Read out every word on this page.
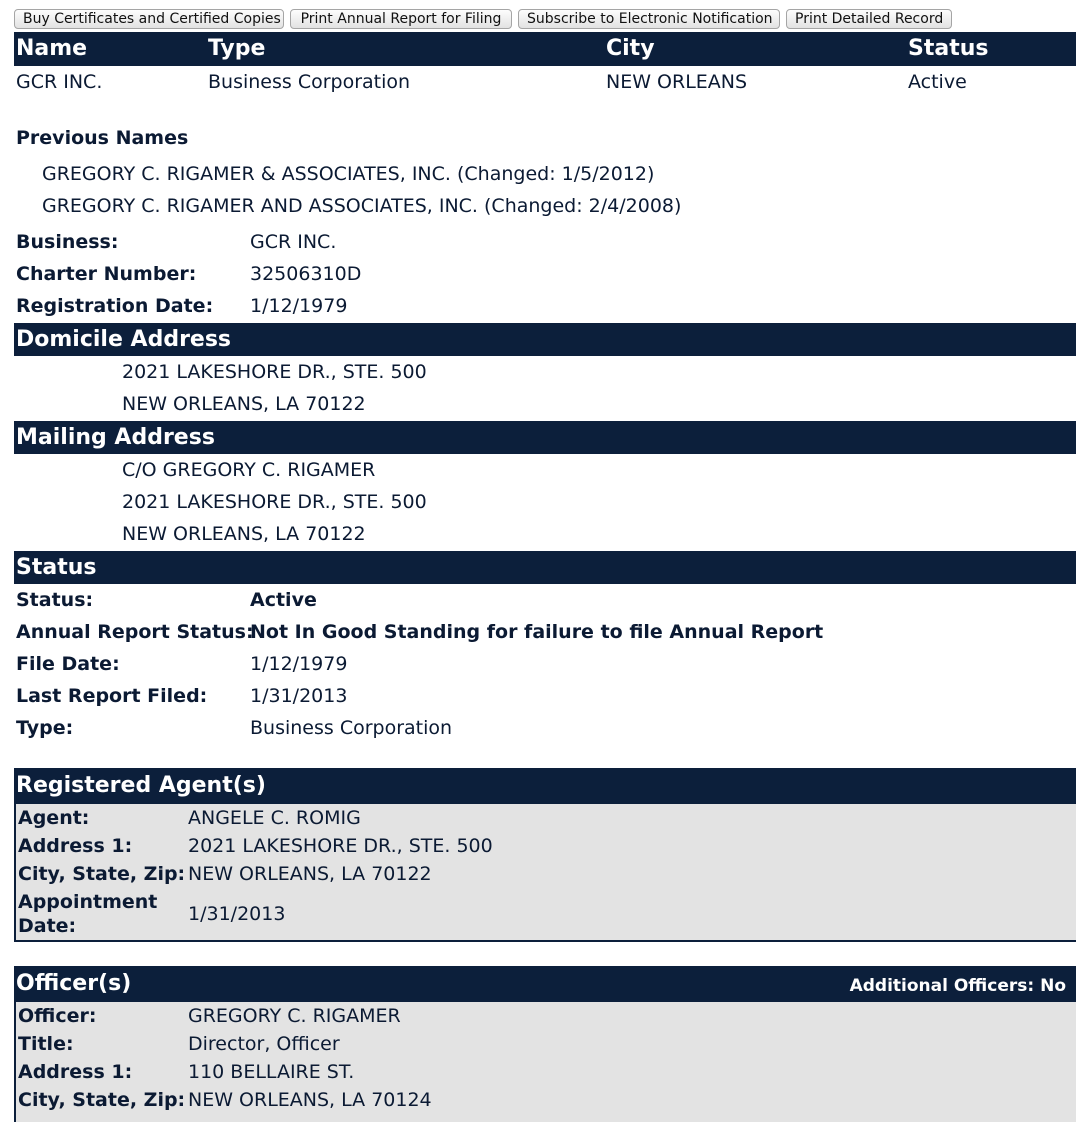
Buy Certificates and Certified Copies	Print Annual Report for Filing	Subscribe to Electronic Notification	Print Detailed Record
Name	Type	City	Status
GCR INC.	Business Corporation	NEW ORLEANS	Active
Previous Names
GREGORY C. RIGAMER & ASSOCIATES, INC. (Changed: 1/5/2012)
GREGORY C. RIGAMER AND ASSOCIATES, INC. (Changed: 2/4/2008)
Business:	GCR INC.
Charter Number:	32506310D
Registration Date: 1/12/1979
Domicile Address
2021 LAKESHORE DR., STE. 500
NEW ORLEANS, LA 70122
Mailing Address
C/O GREGORY C. RIGAMER
2021 LAKESHORE DR., STE. 500
NEW ORLEANS, LA 70122
Status
Status:	Active
Annual Report Status:
Not In Good Standing for failure to file Annual Report
File Date:	1/12/1979
Last Report Filed: 1/31/2013
Type:	Business Corporation
Registered Agent(s)
Agent:	ANGELE C. ROMIG
Address 1:	2021 LAKESHORE DR., STE. 500
City, State, Zip: NEW ORLEANS, LA 70122
Appointment
Date:
1/31/2013
Officer(s)	Additional Officers: No
Officer:	GREGORY C. RIGAMER
Title:	Director, Officer
Address 1:	110 BELLAIRE ST.
City, State, Zip: NEW ORLEANS, LA 70124
